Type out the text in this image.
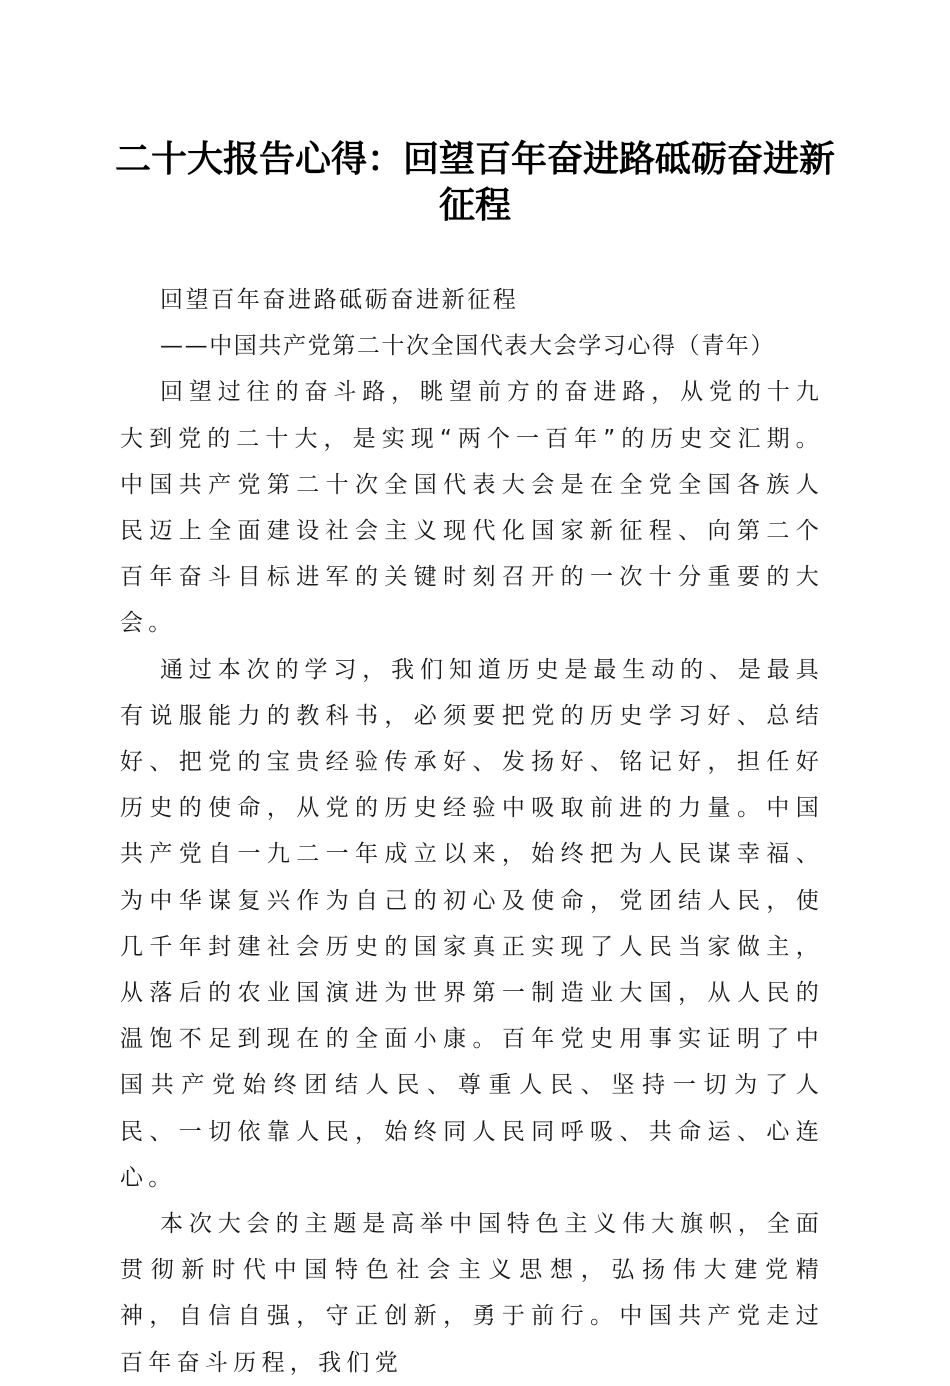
二十大报告心得：回望百年奋进路砥砺奋进新征程

回望百年奋进路砥砺奋进新征程

——中国共产党第二十次全国代表大会学习心得（青年）

回望过往的奋斗路，眺望前方的奋进路，从党的十九大到党的二十大，是实现“两个一百年”的历史交汇期。中国共产党第二十次全国代表大会是在全党全国各族人民迈上全面建设社会主义现代化国家新征程、向第二个百年奋斗目标进军的关键时刻召开的一次十分重要的大会。

通过本次的学习，我们知道历史是最生动的、是最具有说服能力的教科书，必须要把党的历史学习好、总结好、把党的宝贵经验传承好、发扬好、铭记好，担任好历史的使命，从党的历史经验中吸取前进的力量。中国共产党自一九二一年成立以来，始终把为人民谋幸福、为中华谋复兴作为自己的初心及使命，党团结人民，使几千年封建社会历史的国家真正实现了人民当家做主，从落后的农业国演进为世界第一制造业大国，从人民的温饱不足到现在的全面小康。百年党史用事实证明了中国共产党始终团结人民、尊重人民、坚持一切为了人民、一切依靠人民，始终同人民同呼吸、共命运、心连心。

本次大会的主题是高举中国特色主义伟大旗帜，全面贯彻新时代中国特色社会主义思想，弘扬伟大建党精神，自信自强，守正创新，勇于前行。中国共产党走过百年奋斗历程，我们党
